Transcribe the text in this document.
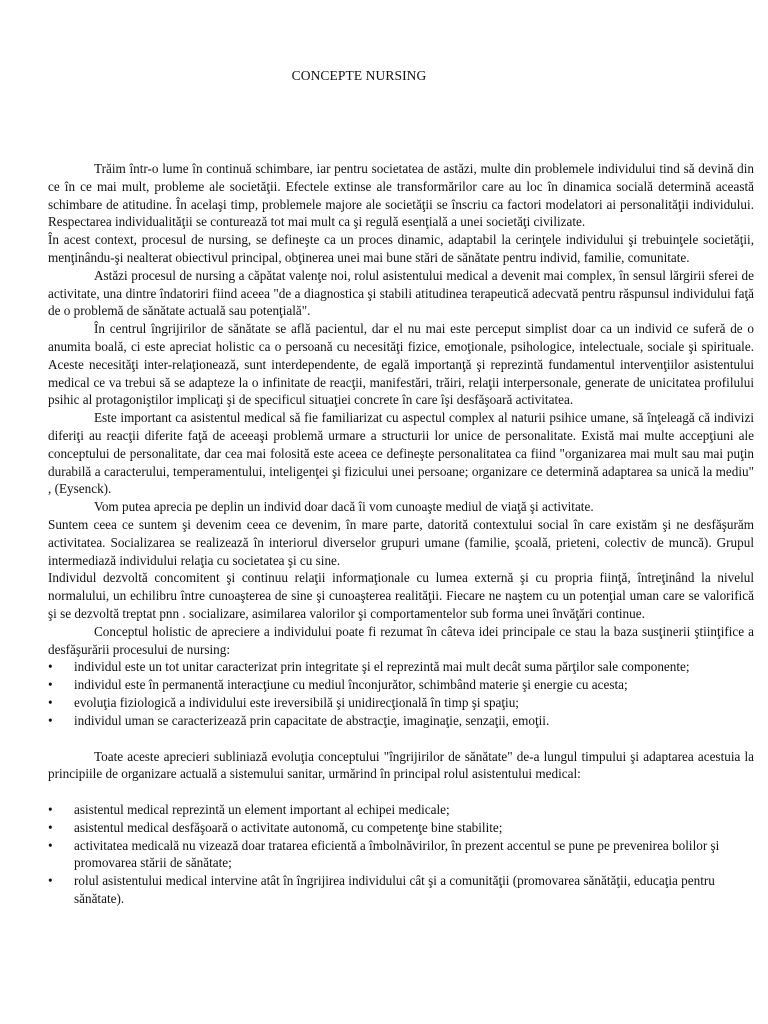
CONCEPTE NURSING

Trăim într-o lume în continuă schimbare, iar pentru societatea de astăzi, multe din problemele individului tind să devină din ce în ce mai mult, probleme ale societăţii. Efectele extinse ale transformărilor care au loc în dinamica socială determină această schimbare de atitudine. În acelaşi timp, problemele majore ale societăţii se înscriu ca factori modelatori ai personalităţii individului. Respectarea individualităţii se conturează tot mai mult ca şi regulă esenţială a unei societăţi civilizate.

În acest context, procesul de nursing, se defineşte ca un proces dinamic, adaptabil la cerinţele individului şi trebuinţele societăţii, menţinându-şi nealterat obiectivul principal, obţinerea unei mai bune stări de sănătate pentru individ, familie, comunitate.

Astăzi procesul de nursing a căpătat valenţe noi, rolul asistentului medical a devenit mai complex, în sensul lărgirii sferei de activitate, una dintre îndatoriri fiind aceea "de a diagnostica şi stabili atitudinea terapeutică adecvată pentru răspunsul individului faţă de o problemă de sănătate actuală sau potenţială".

În centrul îngrijirilor de sănătate se află pacientul, dar el nu mai este perceput simplist doar ca un individ ce suferă de o anumita boală, ci este apreciat holistic ca o persoană cu necesităţi fizice, emoţionale, psihologice, intelectuale, sociale şi spirituale. Aceste necesităţi inter-relaţionează, sunt interdependente, de egală importanţă şi reprezintă fundamentul intervenţiilor asistentului medical ce va trebui să se adapteze la o infinitate de reacţii, manifestări, trăiri, relaţii interpersonale, generate de unicitatea profilului psihic al protagoniştilor implicaţi şi de specificul situaţiei concrete în care îşi desfăşoară activitatea.

Este important ca asistentul medical să fie familiarizat cu aspectul complex al naturii psihice umane, să înţeleagă că indivizi diferiţi au reacţii diferite faţă de aceeaşi problemă urmare a structurii lor unice de personalitate. Există mai multe accepţiuni ale conceptului de personalitate, dar cea mai folosită este aceea ce defineşte personalitatea ca fiind "organizarea mai mult sau mai puţin durabilă a caracterului, temperamentului, inteligenţei şi fizicului unei persoane; organizare ce determină adaptarea sa unică la mediu" , (Eysenck).

Vom putea aprecia pe deplin un individ doar dacă îi vom cunoaşte mediul de viaţă şi activitate.

Suntem ceea ce suntem şi devenim ceea ce devenim, în mare parte, datorită contextului social în care existăm şi ne desfăşurăm activitatea. Socializarea se realizează în interiorul diverselor grupuri umane (familie, şcoală, prieteni, colectiv de muncă). Grupul intermediază individului relaţia cu societatea şi cu sine.

Individul dezvoltă concomitent şi continuu relaţii informaţionale cu lumea externă şi cu propria fiinţă, întreţinând la nivelul normalului, un echilibru între cunoaşterea de sine şi cunoaşterea realităţii. Fiecare ne naştem cu un potenţial uman care se valorifică şi se dezvoltă treptat pnn . socializare, asimilarea valorilor şi comportamentelor sub forma unei învăţări continue.

Conceptul holistic de apreciere a individului poate fi rezumat în câteva idei principale ce stau la baza susţinerii ştiinţifice a desfăşurării procesului de nursing:

•	individul este un tot unitar caracterizat prin integritate şi el reprezintă mai mult decât suma părţilor sale componente;
•	individul este în permanentă interacţiune cu mediul înconjurător, schimbând materie şi energie cu acesta;
•	evoluţia fiziologică a individului este ireversibilă şi unidirecţională în timp şi spaţiu;
•	individul uman se caracterizează prin capacitate de abstracţie, imaginaţie, senzaţii, emoţii.

Toate aceste aprecieri subliniază evoluţia conceptului "îngrijirilor de sănătate" de-a lungul timpului şi adaptarea acestuia la principiile de organizare actuală a sistemului sanitar, urmărind în principal rolul asistentului medical:

•	asistentul medical reprezintă un element important al echipei medicale;
•	asistentul medical desfăşoară o activitate autonomă, cu competenţe bine stabilite;
•	activitatea medicală nu vizează doar tratarea eficientă a îmbolnăvirilor, în prezent accentul se pune pe prevenirea bolilor şi promovarea stării de sănătate;
•	rolul asistentului medical intervine atât în îngrijirea individului cât şi a comunităţii (promovarea sănătăţii, educaţia pentru sănătate).
